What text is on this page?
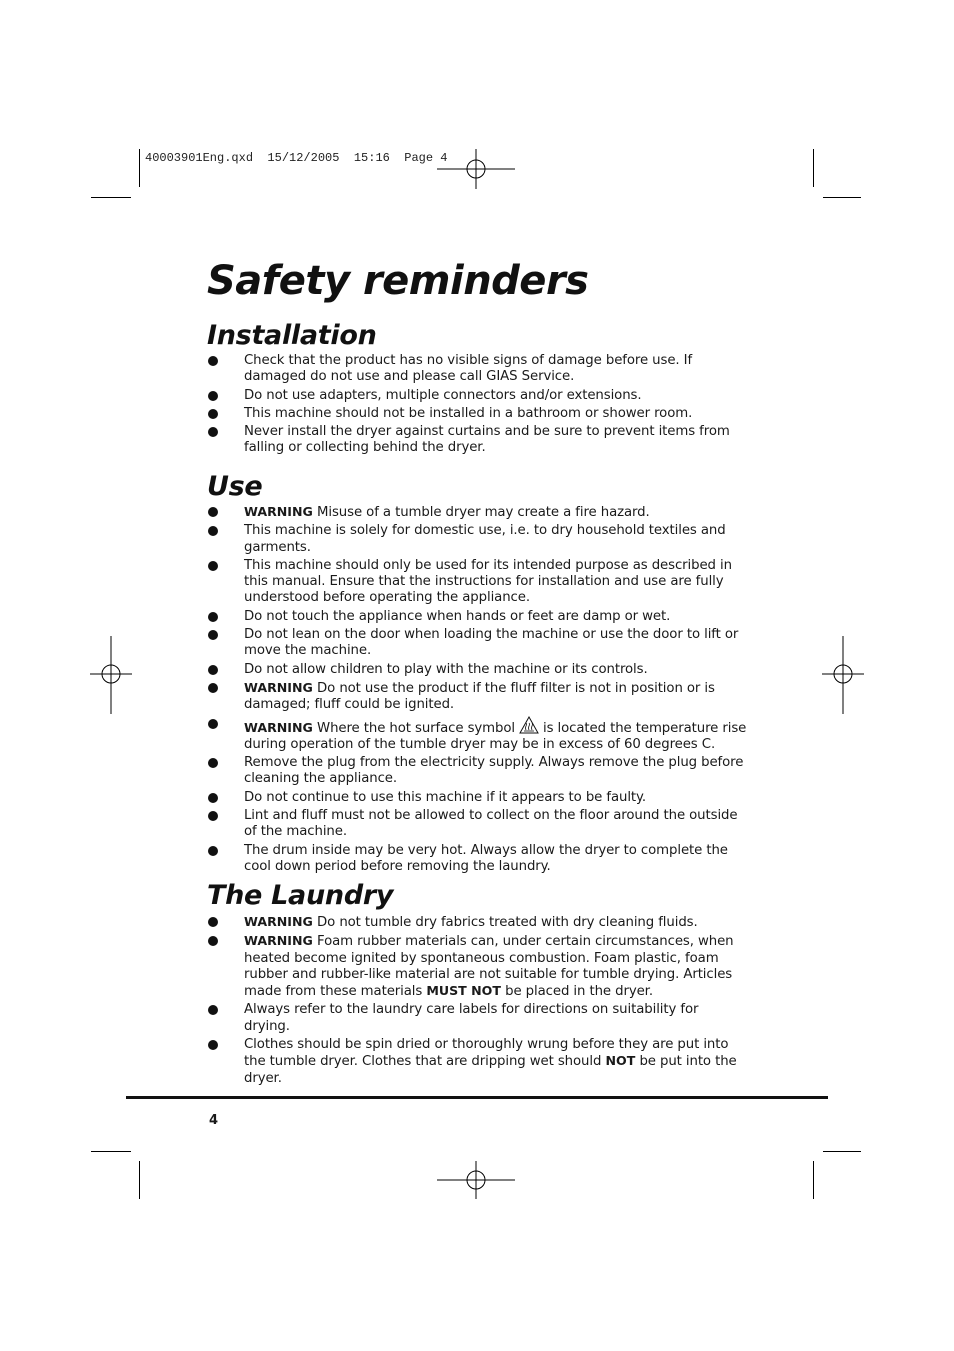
40003901Eng.qxd  15/12/2005  15:16  Page 4
Safety reminders
Installation
Check that the product has no visible signs of damage before use. If damaged do not use and please call GIAS Service.
Do not use adapters, multiple connectors and/or extensions.
This machine should not be installed in a bathroom or shower room.
Never install the dryer against curtains and be sure to prevent items from falling or collecting behind the dryer.
Use
WARNING Misuse of a tumble dryer may create a fire hazard.
This machine is solely for domestic use, i.e. to dry household textiles and garments.
This machine should only be used for its intended purpose as described in this manual. Ensure that the instructions for installation and use are fully understood before operating the appliance.
Do not touch the appliance when hands or feet are damp or wet.
Do not lean on the door when loading the machine or use the door to lift or move the machine.
Do not allow children to play with the machine or its controls.
WARNING Do not use the product if the fluff filter is not in position or is damaged; fluff could be ignited.
WARNING Where the hot surface symbol is located the temperature rise during operation of the tumble dryer may be in excess of 60 degrees C.
Remove the plug from the electricity supply. Always remove the plug before cleaning the appliance.
Do not continue to use this machine if it appears to be faulty.
Lint and fluff must not be allowed to collect on the floor around the outside of the machine.
The drum inside may be very hot. Always allow the dryer to complete the cool down period before removing the laundry.
The Laundry
WARNING Do not tumble dry fabrics treated with dry cleaning fluids.
WARNING Foam rubber materials can, under certain circumstances, when heated become ignited by spontaneous combustion. Foam plastic, foam rubber and rubber-like material are not suitable for tumble drying. Articles made from these materials MUST NOT be placed in the dryer.
Always refer to the laundry care labels for directions on suitability for drying.
Clothes should be spin dried or thoroughly wrung before they are put into the tumble dryer. Clothes that are dripping wet should NOT be put into the dryer.
4
